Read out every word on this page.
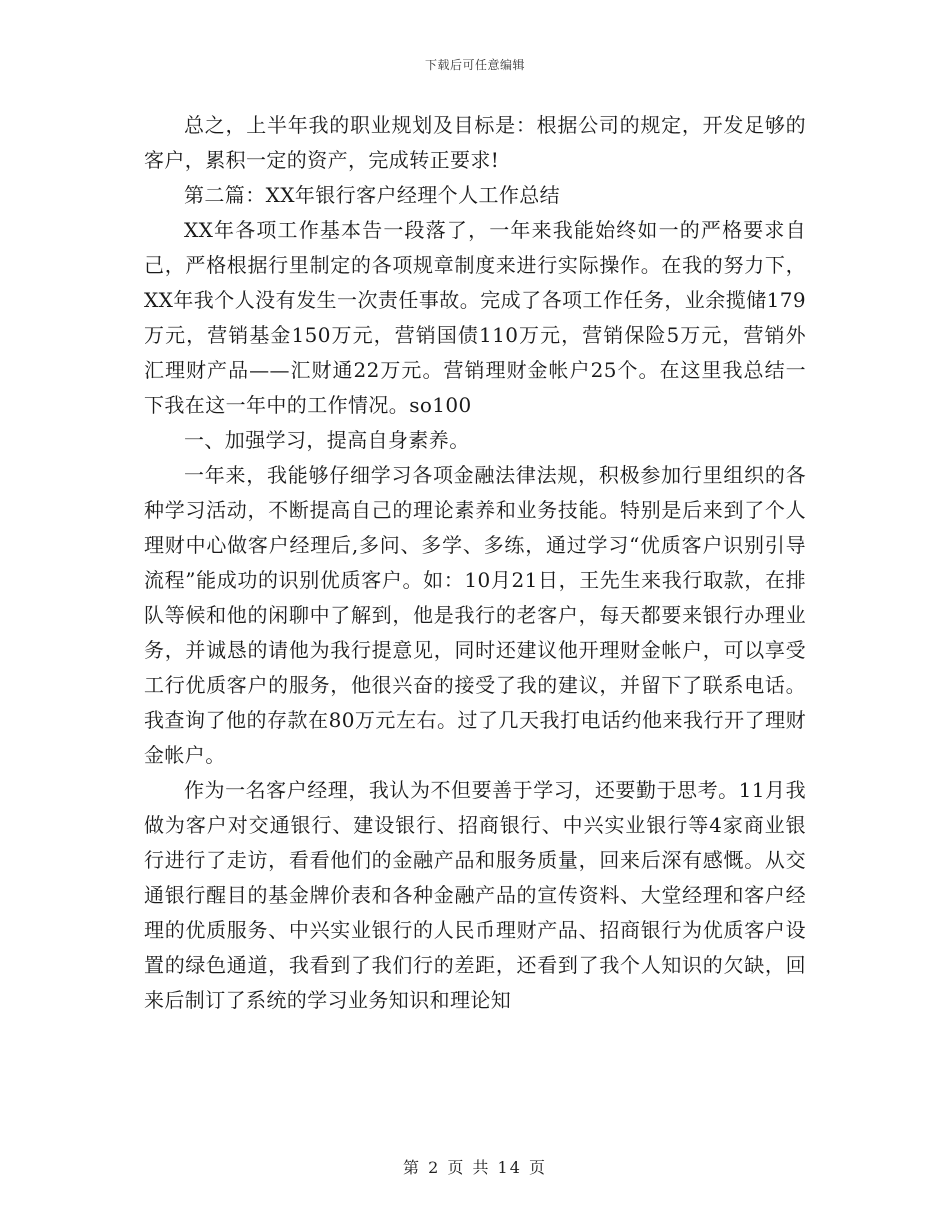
下载后可任意编辑

总之，上半年我的职业规划及目标是：根据公司的规定，开发足够的客户，累积一定的资产，完成转正要求!

第二篇：XX年银行客户经理个人工作总结

XX年各项工作基本告一段落了，一年来我能始终如一的严格要求自己，严格根据行里制定的各项规章制度来进行实际操作。在我的努力下，XX年我个人没有发生一次责任事故。完成了各项工作任务，业余揽储179万元，营销基金150万元，营销国债110万元，营销保险5万元，营销外汇理财产品——汇财通22万元。营销理财金帐户25个。在这里我总结一下我在这一年中的工作情况。so100

一、加强学习，提高自身素养。

一年来，我能够仔细学习各项金融法律法规，积极参加行里组织的各种学习活动，不断提高自己的理论素养和业务技能。特别是后来到了个人理财中心做客户经理后,多问、多学、多练，通过学习“优质客户识别引导流程”能成功的识别优质客户。如：10月21日，王先生来我行取款，在排队等候和他的闲聊中了解到，他是我行的老客户，每天都要来银行办理业务，并诚恳的请他为我行提意见，同时还建议他开理财金帐户，可以享受工行优质客户的服务，他很兴奋的接受了我的建议，并留下了联系电话。我查询了他的存款在80万元左右。过了几天我打电话约他来我行开了理财金帐户。

作为一名客户经理，我认为不但要善于学习，还要勤于思考。11月我做为客户对交通银行、建设银行、招商银行、中兴实业银行等4家商业银行进行了走访，看看他们的金融产品和服务质量，回来后深有感慨。从交通银行醒目的基金牌价表和各种金融产品的宣传资料、大堂经理和客户经理的优质服务、中兴实业银行的人民币理财产品、招商银行为优质客户设置的绿色通道，我看到了我们行的差距，还看到了我个人知识的欠缺，回来后制订了系统的学习业务知识和理论知

第 2 页 共 14 页
